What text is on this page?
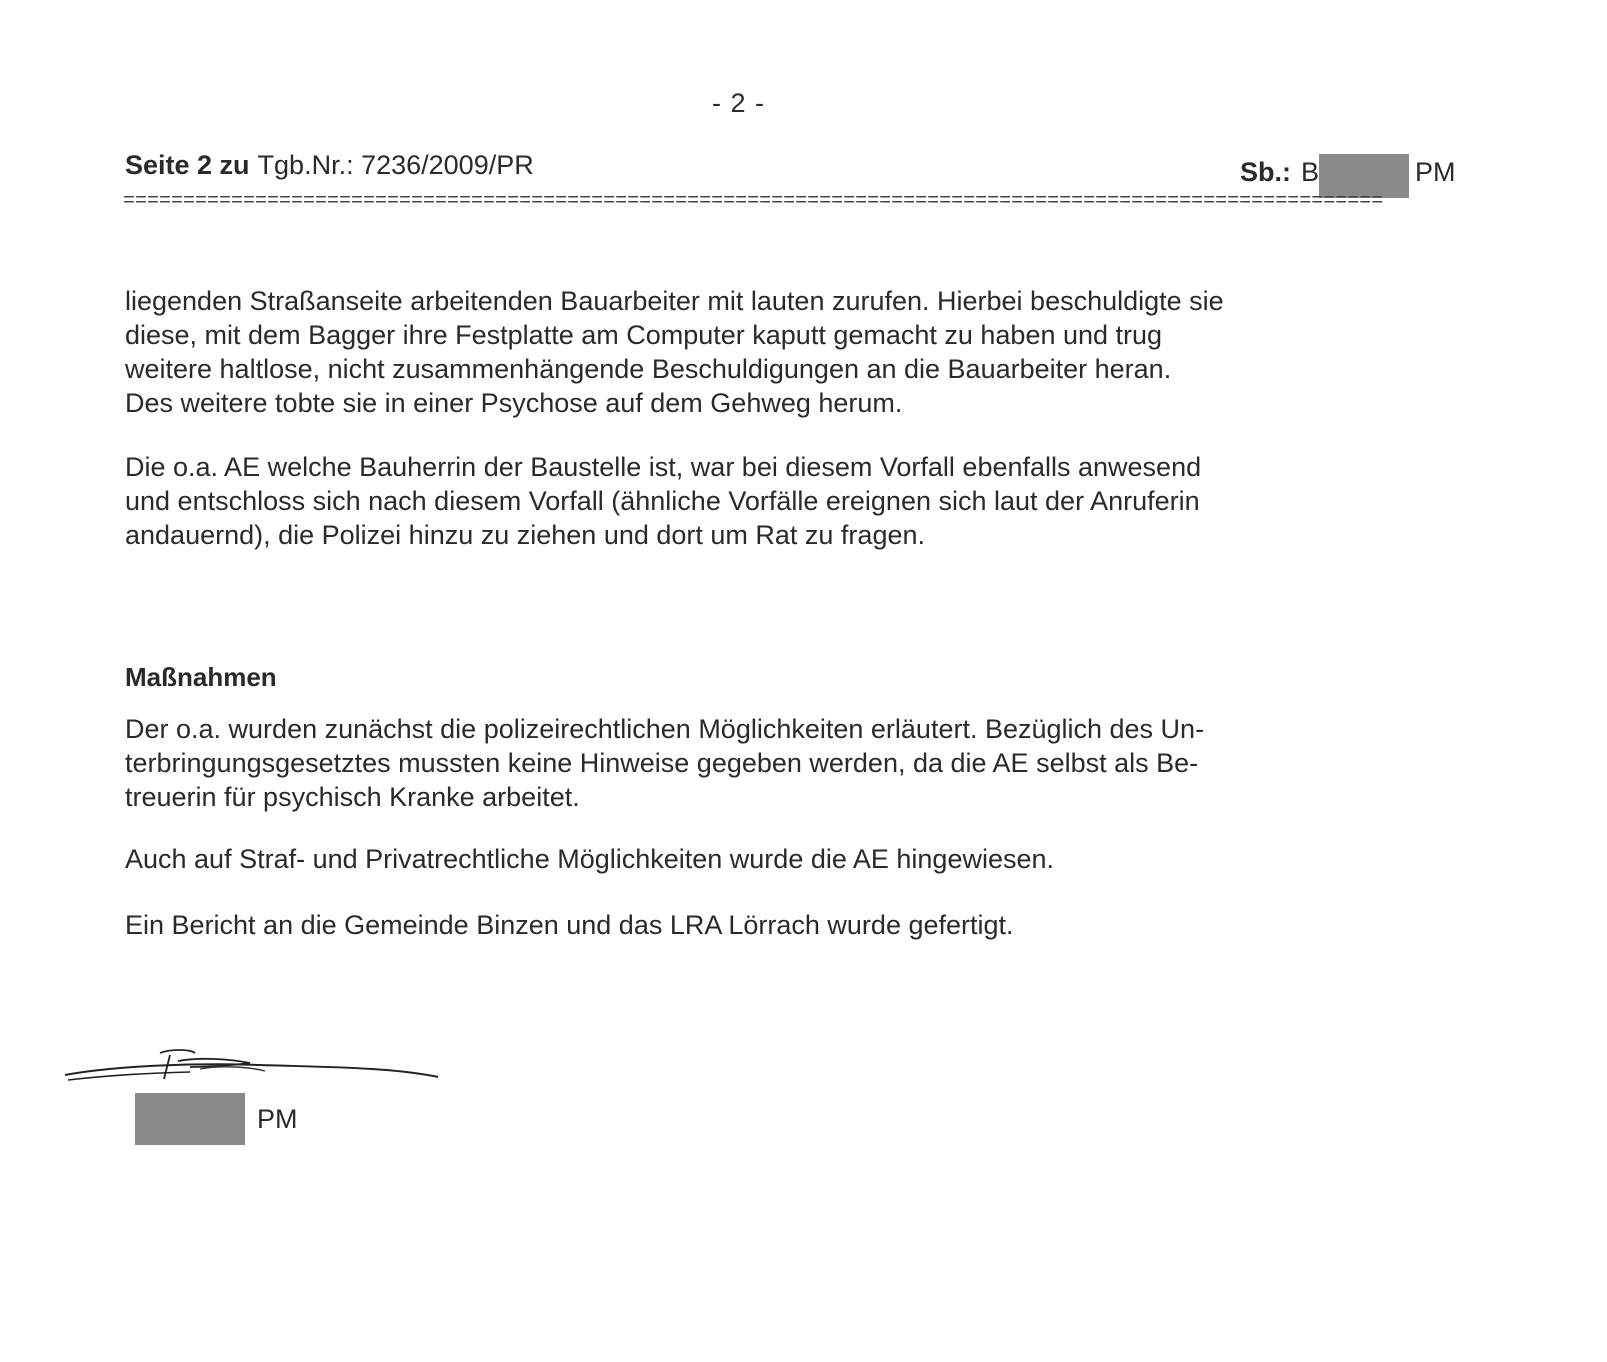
- 2 -
Seite 2 zu Tgb.Nr.: 7236/2009/PR	Sb.: B	PM
=========================================================================================================

liegenden Straßanseite arbeitenden Bauarbeiter mit lauten zurufen. Hierbei beschuldigte sie
diese, mit dem Bagger ihre Festplatte am Computer kaputt gemacht zu haben und trug
weitere haltlose, nicht zusammenhängende Beschuldigungen an die Bauarbeiter heran.
Des weitere tobte sie in einer Psychose auf dem Gehweg herum.

Die o.a. AE welche Bauherrin der Baustelle ist, war bei diesem Vorfall ebenfalls anwesend
und entschloss sich nach diesem Vorfall (ähnliche Vorfälle ereignen sich laut der Anruferin
andauernd), die Polizei hinzu zu ziehen und dort um Rat zu fragen.

Maßnahmen

Der o.a. wurden zunächst die polizeirechtlichen Möglichkeiten erläutert. Bezüglich des Un-
terbringungsgesetztes mussten keine Hinweise gegeben werden, da die AE selbst als Be-
treuerin für psychisch Kranke arbeitet.

Auch auf Straf- und Privatrechtliche Möglichkeiten wurde die AE hingewiesen.

Ein Bericht an die Gemeinde Binzen und das LRA Lörrach wurde gefertigt.

PM
